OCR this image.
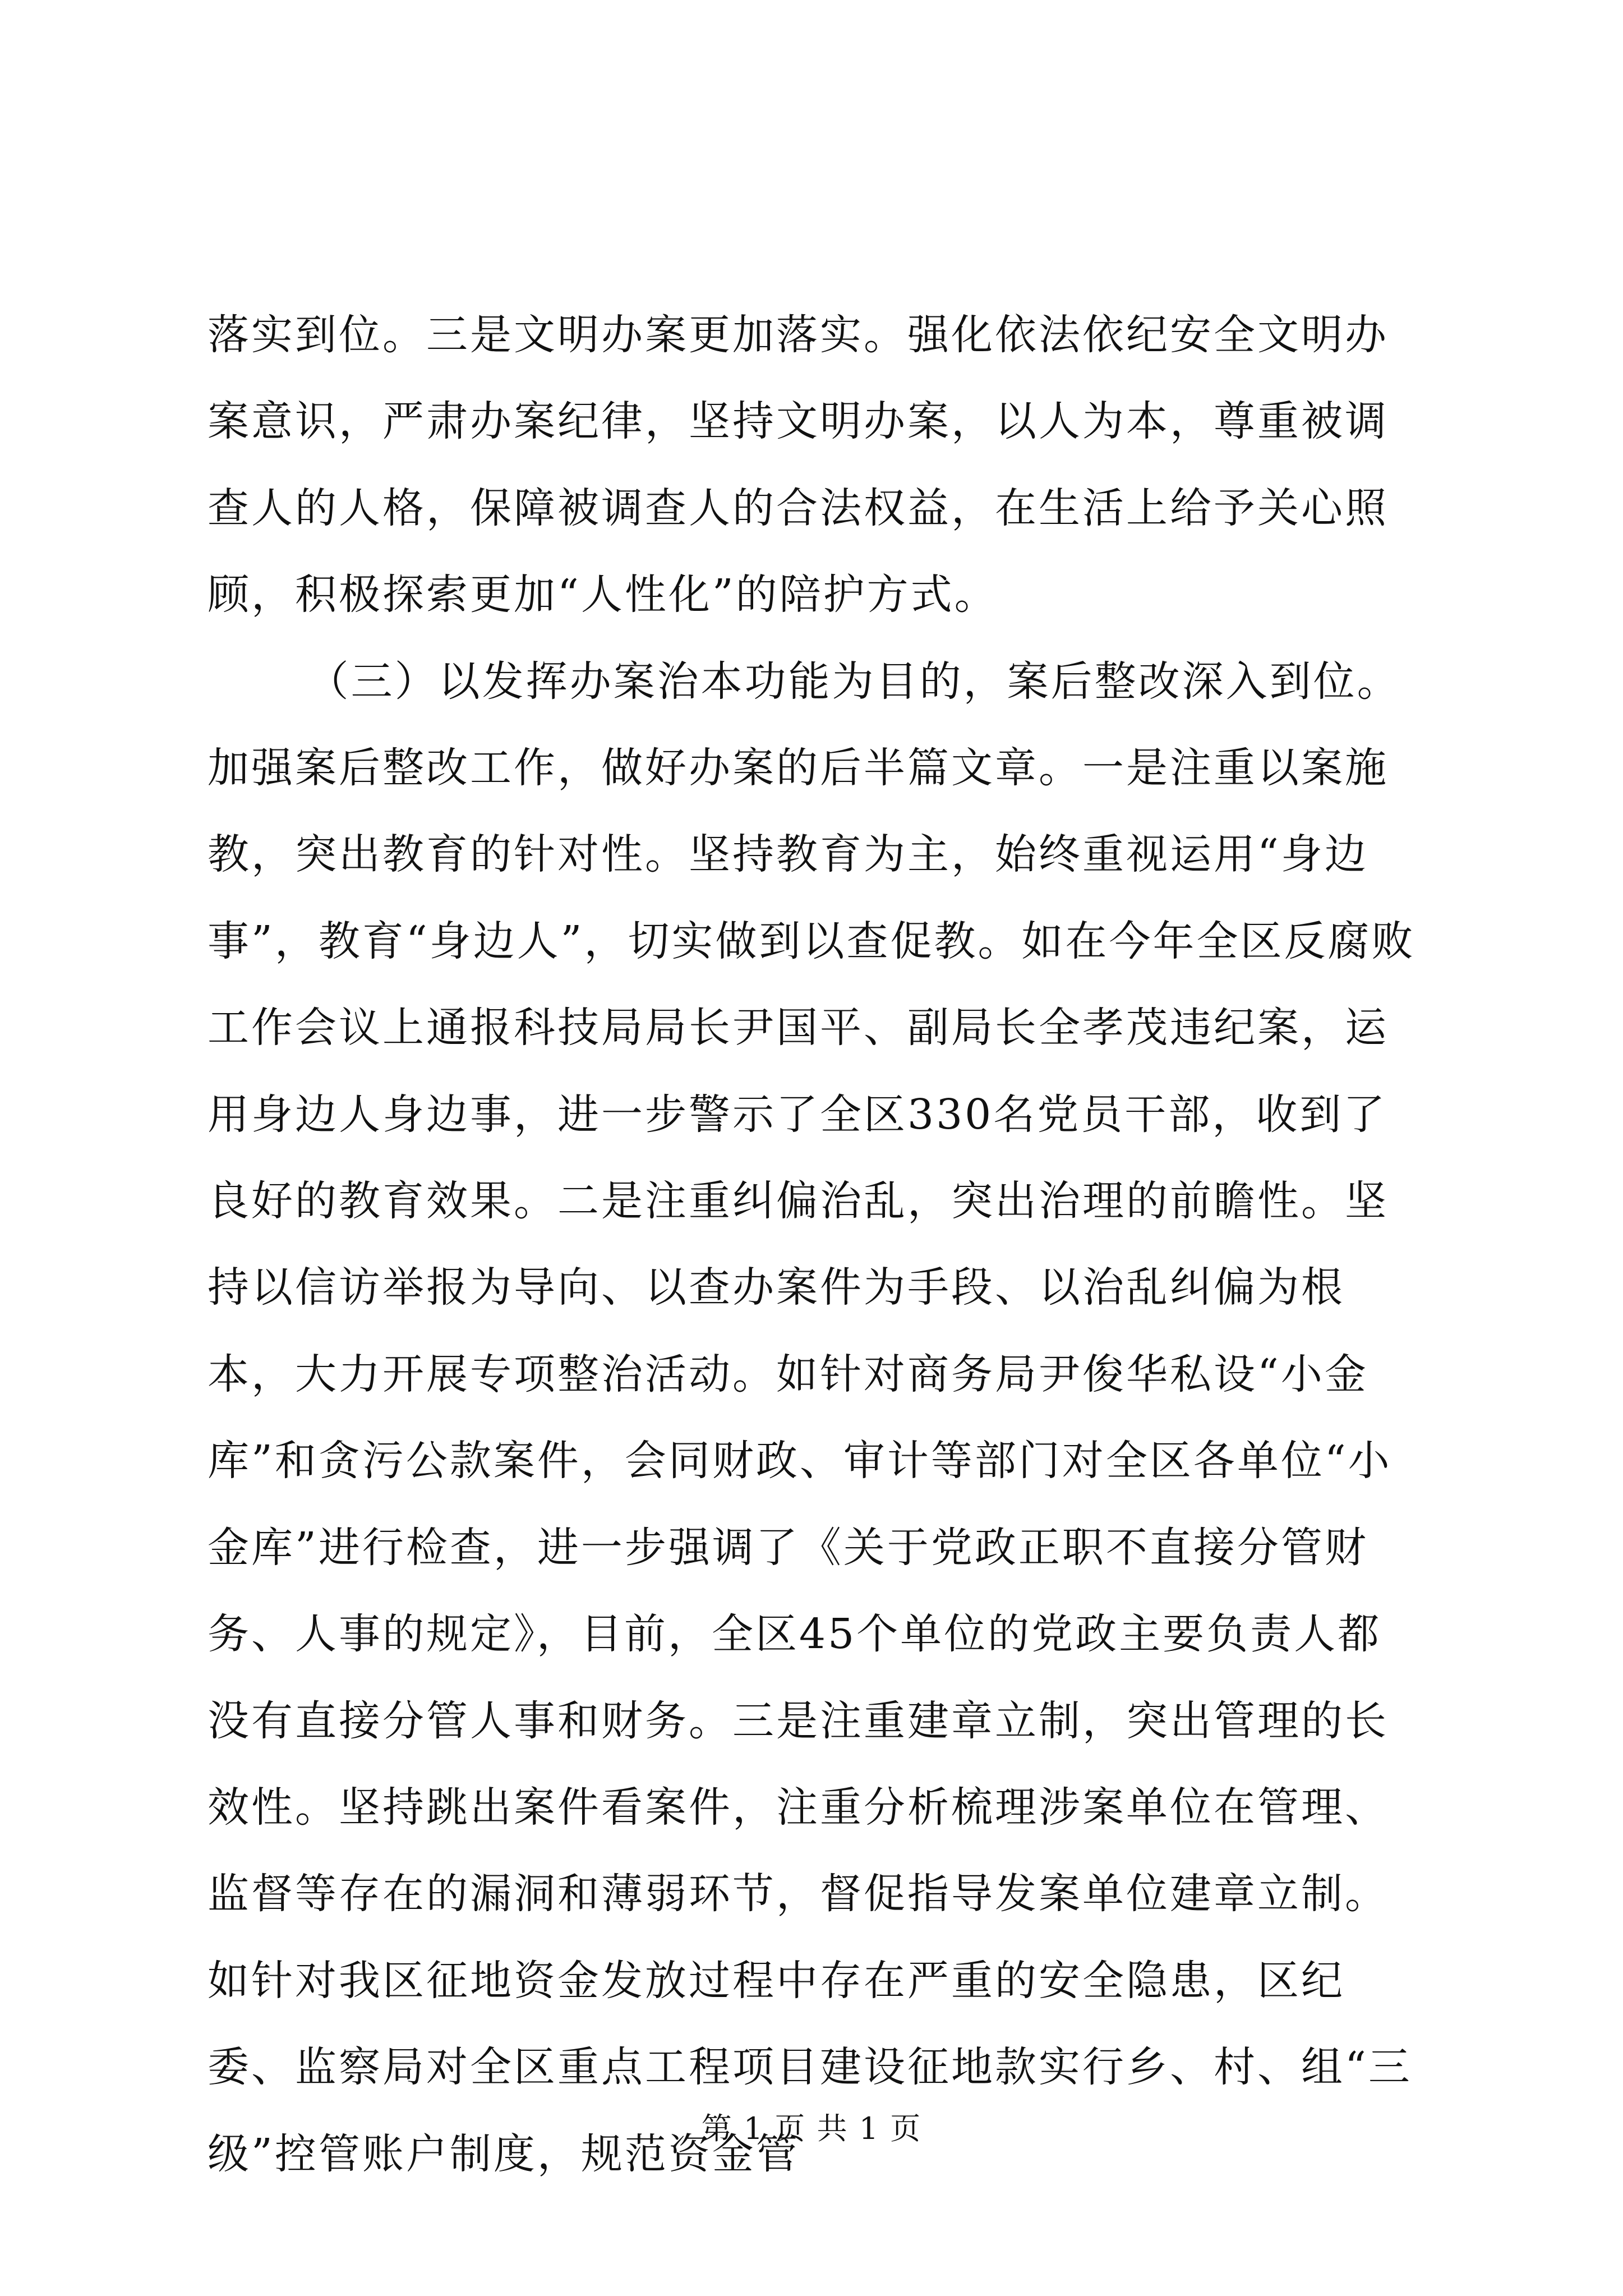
落实到位。三是文明办案更加落实。强化依法依纪安全文明办案意识，严肃办案纪律，坚持文明办案，以人为本，尊重被调查人的人格，保障被调查人的合法权益，在生活上给予关心照顾，积极探索更加“人性化”的陪护方式。

（三）以发挥办案治本功能为目的，案后整改深入到位。加强案后整改工作，做好办案的后半篇文章。一是注重以案施教，突出教育的针对性。坚持教育为主，始终重视运用“身边事”，教育“身边人”，切实做到以查促教。如在今年全区反腐败工作会议上通报科技局局长尹国平、副局长全孝茂违纪案，运用身边人身边事，进一步警示了全区330名党员干部，收到了良好的教育效果。二是注重纠偏治乱，突出治理的前瞻性。坚持以信访举报为导向、以查办案件为手段、以治乱纠偏为根本，大力开展专项整治活动。如针对商务局尹俊华私设“小金库”和贪污公款案件，会同财政、审计等部门对全区各单位“小金库”进行检查，进一步强调了《关于党政正职不直接分管财务、人事的规定》，目前，全区45个单位的党政主要负责人都没有直接分管人事和财务。三是注重建章立制，突出管理的长效性。坚持跳出案件看案件，注重分析梳理涉案单位在管理、监督等存在的漏洞和薄弱环节，督促指导发案单位建章立制。如针对我区征地资金发放过程中存在严重的安全隐患，区纪委、监察局对全区重点工程项目建设征地款实行乡、村、组“三级”控管账户制度，规范资金管

第 1 页 共 1 页
